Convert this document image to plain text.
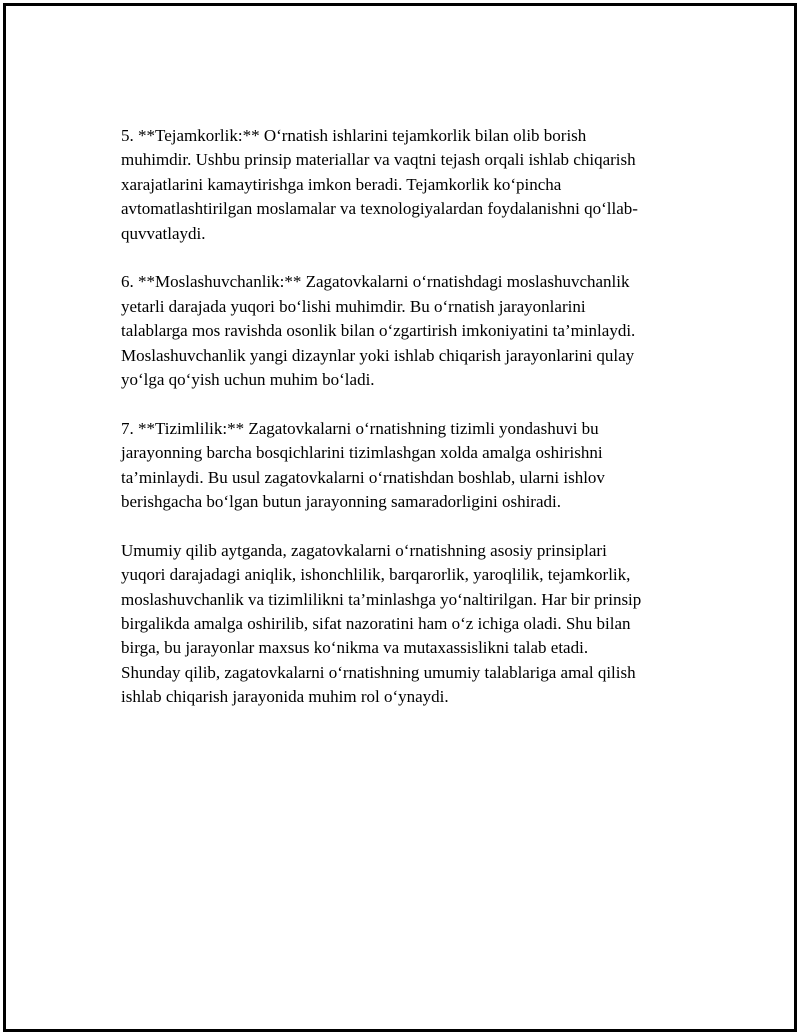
5. **Tejamkorlik:** O‘rnatish ishlarini tejamkorlik bilan olib borish
muhimdir. Ushbu prinsip materiallar va vaqtni tejash orqali ishlab chiqarish
xarajatlarini kamaytirishga imkon beradi. Tejamkorlik ko‘pincha
avtomatlashtirilgan moslamalar va texnologiyalardan foydalanishni qo‘llab-
quvvatlaydi.

6. **Moslashuvchanlik:** Zagatovkalarni o‘rnatishdagi moslashuvchanlik
yetarli darajada yuqori bo‘lishi muhimdir. Bu o‘rnatish jarayonlarini
talablarga mos ravishda osonlik bilan o‘zgartirish imkoniyatini ta’minlaydi.
Moslashuvchanlik yangi dizaynlar yoki ishlab chiqarish jarayonlarini qulay
yo‘lga qo‘yish uchun muhim bo‘ladi.

7. **Tizimlilik:** Zagatovkalarni o‘rnatishning tizimli yondashuvi bu
jarayonning barcha bosqichlarini tizimlashgan xolda amalga oshirishni
ta’minlaydi. Bu usul zagatovkalarni o‘rnatishdan boshlab, ularni ishlov
berishgacha bo‘lgan butun jarayonning samaradorligini oshiradi.

Umumiy qilib aytganda, zagatovkalarni o‘rnatishning asosiy prinsiplari
yuqori darajadagi aniqlik, ishonchlilik, barqarorlik, yaroqlilik, tejamkorlik,
moslashuvchanlik va tizimlilikni ta’minlashga yo‘naltirilgan. Har bir prinsip
birgalikda amalga oshirilib, sifat nazoratini ham o‘z ichiga oladi. Shu bilan
birga, bu jarayonlar maxsus ko‘nikma va mutaxassislikni talab etadi.
Shunday qilib, zagatovkalarni o‘rnatishning umumiy talablariga amal qilish
ishlab chiqarish jarayonida muhim rol o‘ynaydi.
